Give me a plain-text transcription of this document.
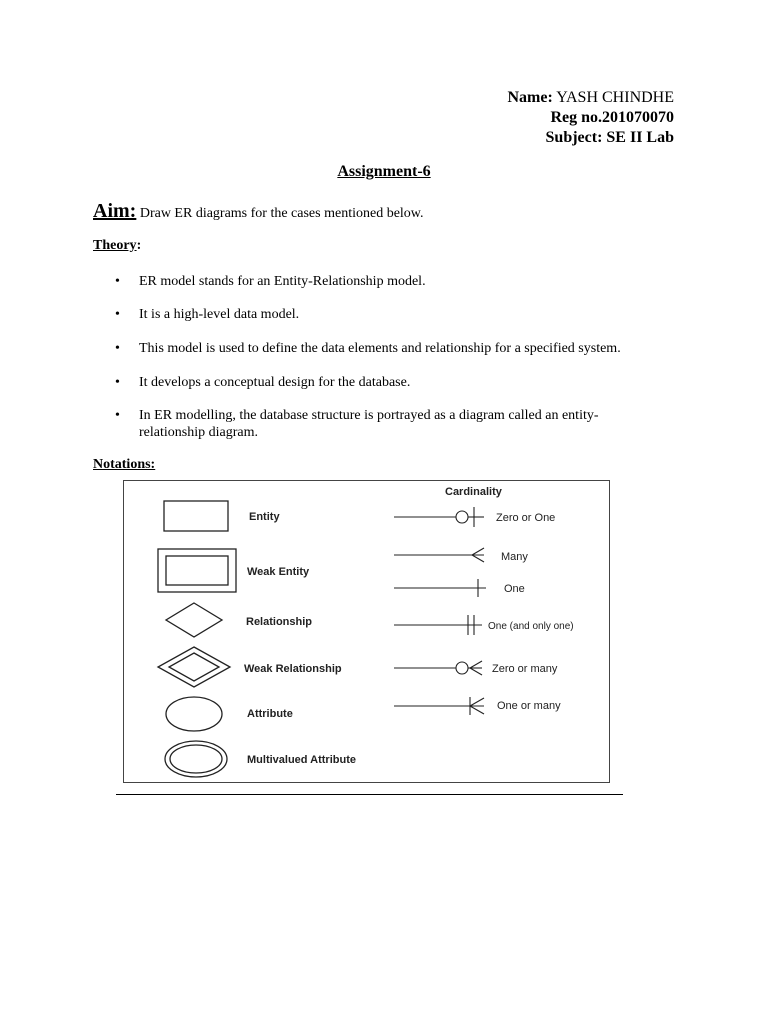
Name: YASH CHINDHE
Reg no.201070070
Subject: SE II Lab
Assignment-6
Aim: Draw ER diagrams for the cases mentioned below.
Theory:
• ER model stands for an Entity-Relationship model.
• It is a high-level data model.
• This model is used to define the data elements and relationship for a specified system.
• It develops a conceptual design for the database.
• In ER modelling, the database structure is portrayed as a diagram called an entity-relationship diagram.
Notations:
Entity
Weak Entity
Relationship
Weak Relationship
Attribute
Multivalued Attribute
Cardinality
Zero or One
Many
One
One (and only one)
Zero or many
One or many
